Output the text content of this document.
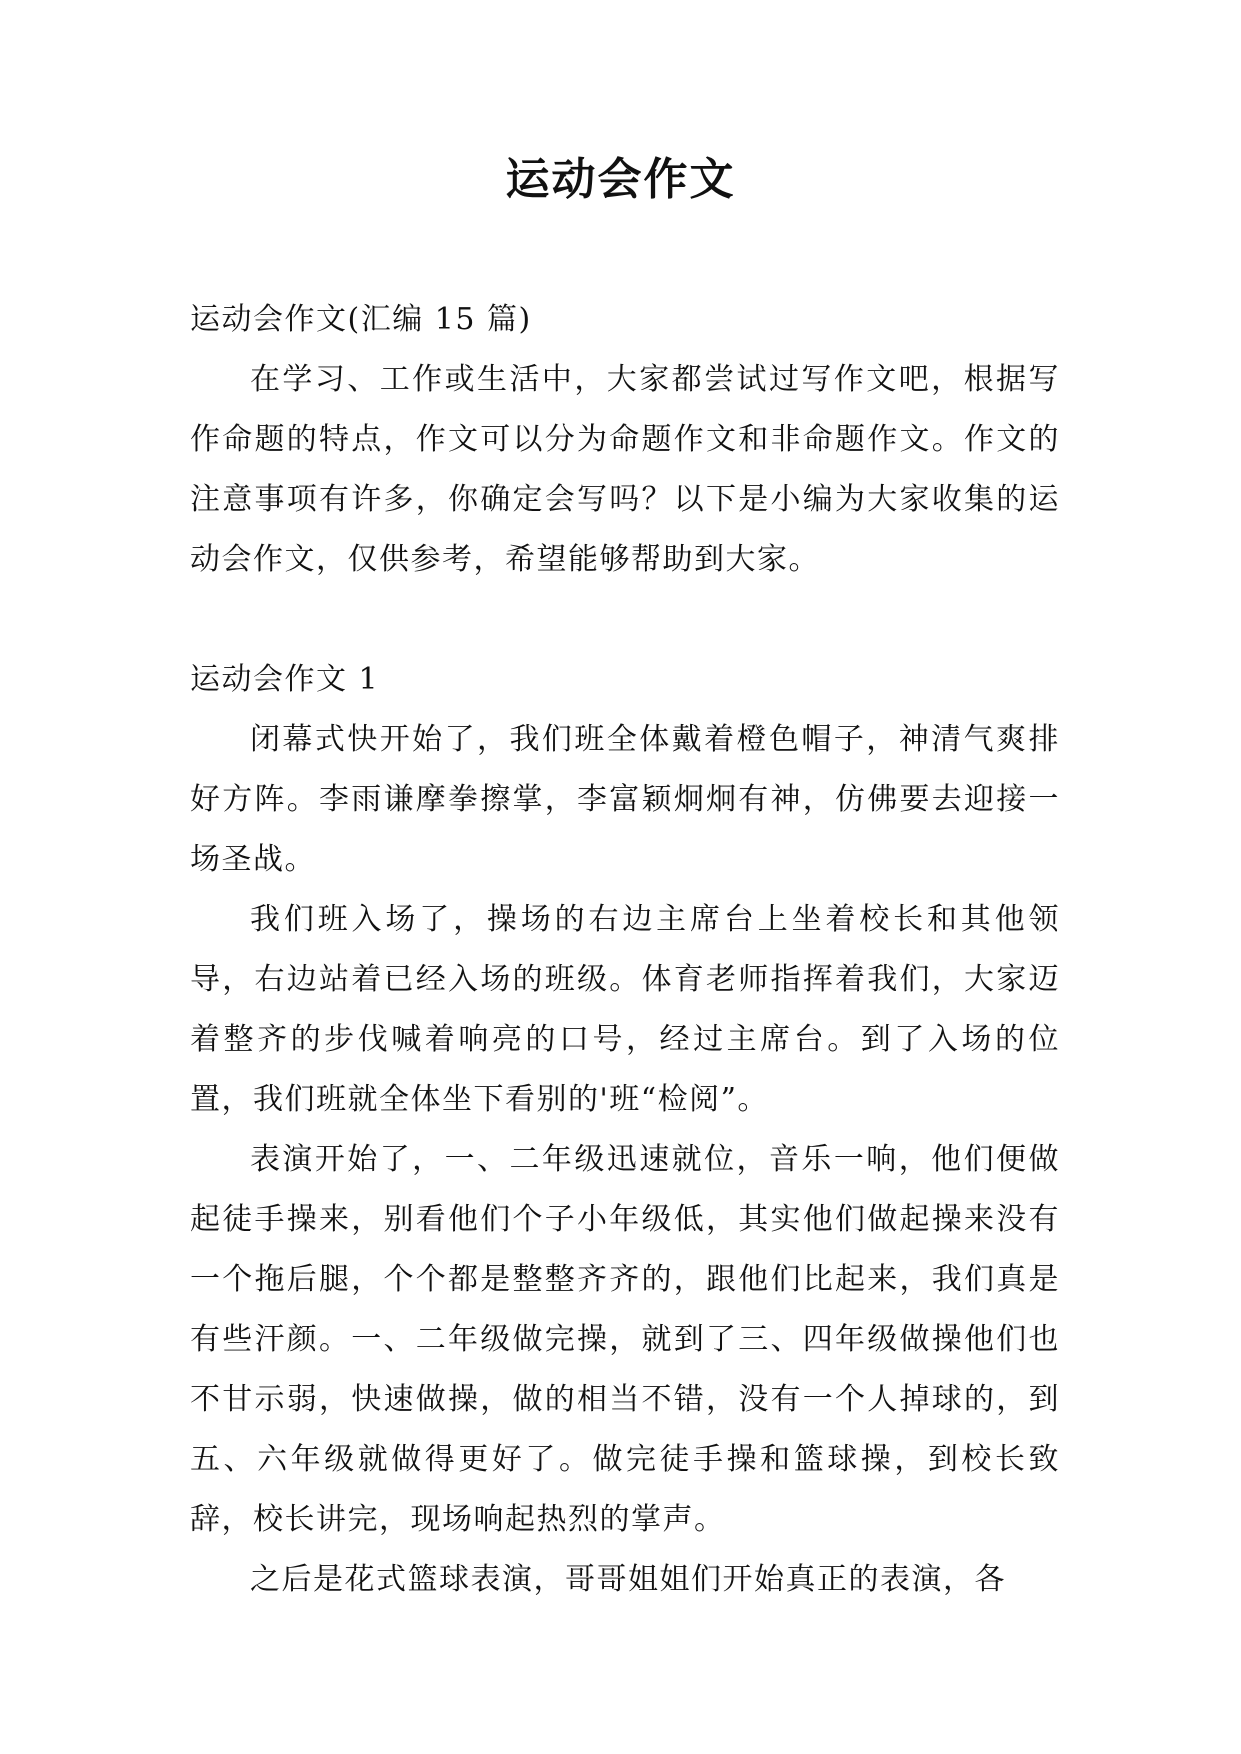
运动会作文

运动会作文(汇编 15 篇)

在学习、工作或生活中，大家都尝试过写作文吧，根据写作命题的特点，作文可以分为命题作文和非命题作文。作文的注意事项有许多，你确定会写吗？以下是小编为大家收集的运动会作文，仅供参考，希望能够帮助到大家。

运动会作文 1

闭幕式快开始了，我们班全体戴着橙色帽子，神清气爽排好方阵。李雨谦摩拳擦掌，李富颖炯炯有神，仿佛要去迎接一场圣战。

我们班入场了，操场的右边主席台上坐着校长和其他领导，右边站着已经入场的班级。体育老师指挥着我们，大家迈着整齐的步伐喊着响亮的口号，经过主席台。到了入场的位置，我们班就全体坐下看别的'班“检阅”。

表演开始了，一、二年级迅速就位，音乐一响，他们便做起徒手操来，别看他们个子小年级低，其实他们做起操来没有一个拖后腿，个个都是整整齐齐的，跟他们比起来，我们真是有些汗颜。一、二年级做完操，就到了三、四年级做操他们也不甘示弱，快速做操，做的相当不错，没有一个人掉球的，到五、六年级就做得更好了。做完徒手操和篮球操，到校长致辞，校长讲完，现场响起热烈的掌声。

之后是花式篮球表演，哥哥姐姐们开始真正的表演，各
